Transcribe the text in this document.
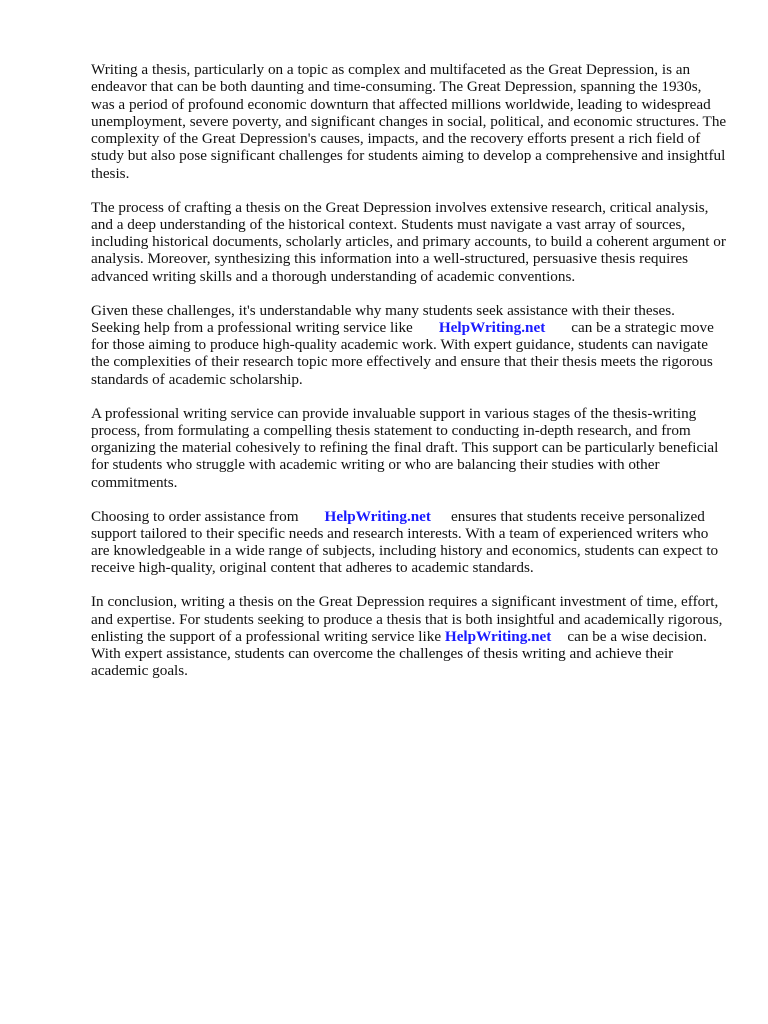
Writing a thesis, particularly on a topic as complex and multifaceted as the Great Depression, is an endeavor that can be both daunting and time-consuming. The Great Depression, spanning the 1930s, was a period of profound economic downturn that affected millions worldwide, leading to widespread unemployment, severe poverty, and significant changes in social, political, and economic structures. The complexity of the Great Depression's causes, impacts, and the recovery efforts present a rich field of study but also pose significant challenges for students aiming to develop a comprehensive and insightful thesis.

The process of crafting a thesis on the Great Depression involves extensive research, critical analysis, and a deep understanding of the historical context. Students must navigate a vast array of sources, including historical documents, scholarly articles, and primary accounts, to build a coherent argument or analysis. Moreover, synthesizing this information into a well-structured, persuasive thesis requires advanced writing skills and a thorough understanding of academic conventions.

Given these challenges, it's understandable why many students seek assistance with their theses. Seeking help from a professional writing service like HelpWriting.net can be a strategic move for those aiming to produce high-quality academic work. With expert guidance, students can navigate the complexities of their research topic more effectively and ensure that their thesis meets the rigorous standards of academic scholarship.

A professional writing service can provide invaluable support in various stages of the thesis-writing process, from formulating a compelling thesis statement to conducting in-depth research, and from organizing the material cohesively to refining the final draft. This support can be particularly beneficial for students who struggle with academic writing or who are balancing their studies with other commitments.

Choosing to order assistance from HelpWriting.net ensures that students receive personalized support tailored to their specific needs and research interests. With a team of experienced writers who are knowledgeable in a wide range of subjects, including history and economics, students can expect to receive high-quality, original content that adheres to academic standards.

In conclusion, writing a thesis on the Great Depression requires a significant investment of time, effort, and expertise. For students seeking to produce a thesis that is both insightful and academically rigorous, enlisting the support of a professional writing service like HelpWriting.net can be a wise decision. With expert assistance, students can overcome the challenges of thesis writing and achieve their academic goals.
